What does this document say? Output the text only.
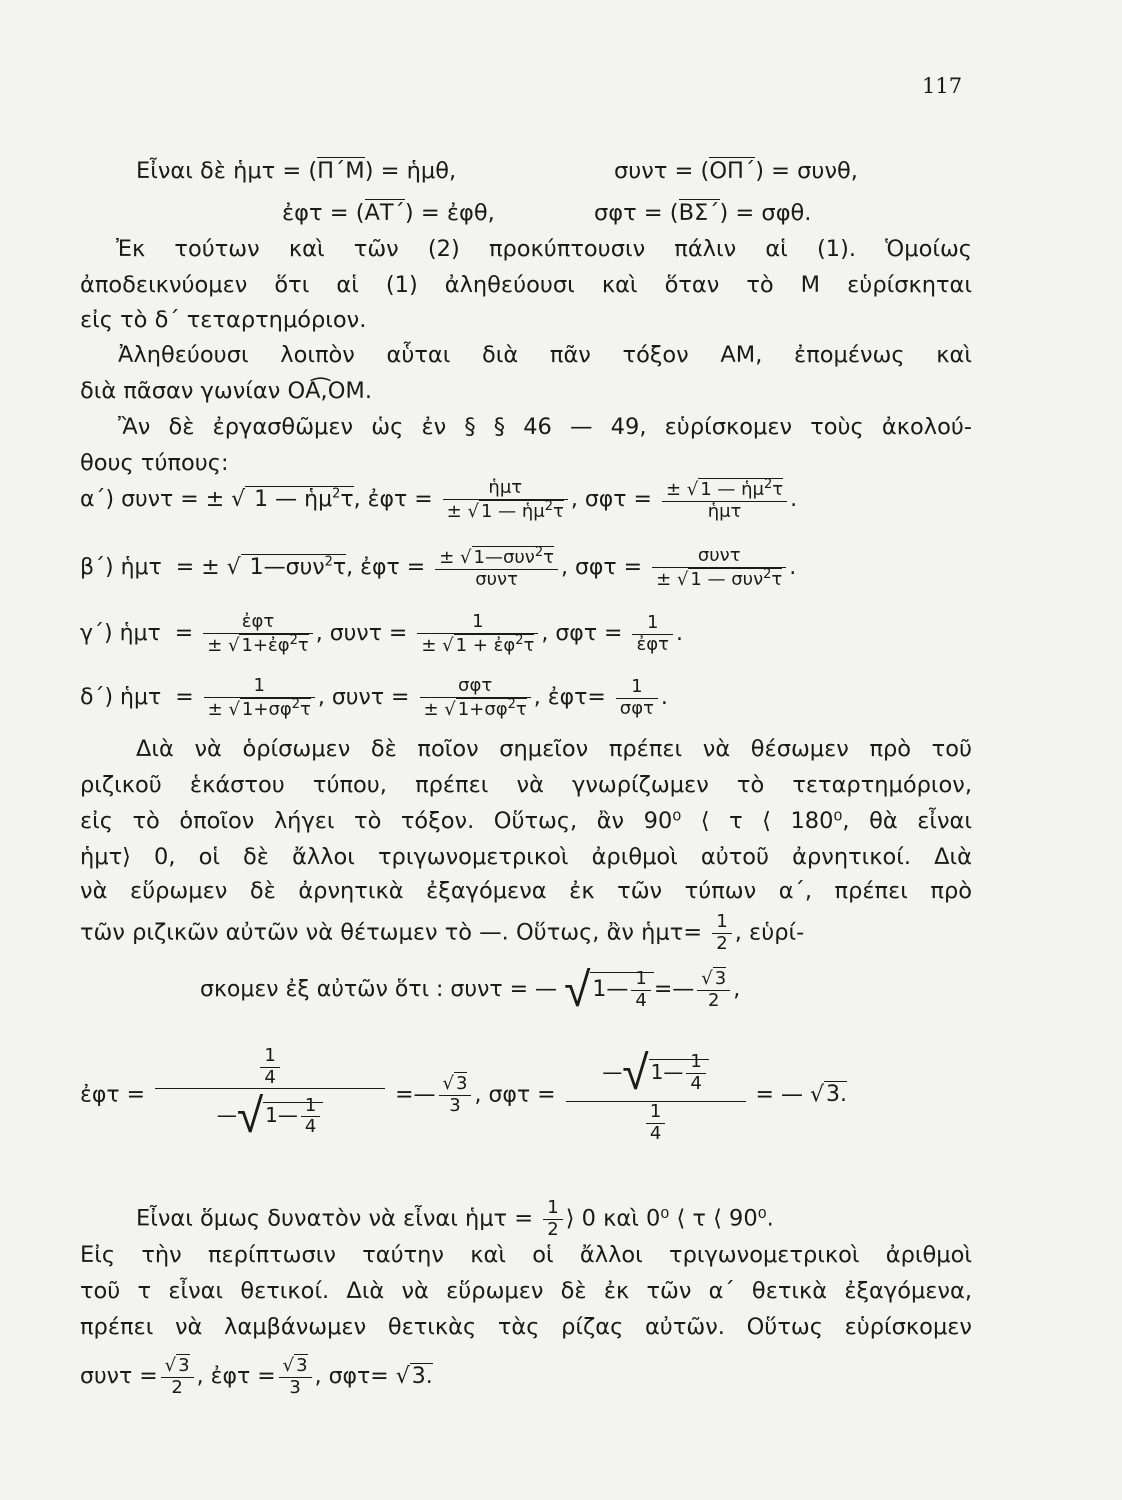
117
Εἶναι δὲ ἡμτ = (Π΄Μ) = ἡμθ,	συντ = (ΟΠ΄) = συνθ,
ἐφτ = (ΑΤ΄) = ἐφθ,	σφτ = (ΒΣ΄) = σφθ.
Ἐκ τούτων καὶ τῶν (2) προκύπτουσιν πάλιν αἱ (1). Ὁμοίως
ἀποδεικνύομεν ὅτι αἱ (1) ἀληθεύουσι καὶ ὅταν τὸ Μ εὑρίσκηται
εἰς τὸ δ΄ τεταρτημόριον.
Ἀληθεύουσι λοιπὸν αὗται διὰ πᾶν τόξον ΑΜ, ἐπομένως καὶ
διὰ πᾶσαν γωνίαν ΟΑ͡,ΟΜ.
Ἂν δὲ ἐργασθῶμεν ὡς ἐν § § 46 — 49, εὑρίσκομεν τοὺς ἀκολού-
θους τύπους:
α΄) συντ = ± √ 1 — ἡμ$^2$τ, ἐφτ = $\frac{\text{ἡμτ}}{\pm √ 1 — ἡ\mu^2\tau}$ , $\sigma\varphi\tau = \frac{\pm √ 1 — ἡ\mu^2\tau}{\text{ἡμτ}}$ .
β΄) ἡμτ  = ± √ 1—συν$^2$τ, ἐφτ = $\frac{\pm √ 1—\sigma\upsilon\nu^2\tau}{\text{συντ}}$ , $\sigma\varphi\tau = \frac{\text{συντ}}{\pm √ 1 — \sigma\upsilon\nu^2\tau}$ .
γ΄) ἡμτ  = $\frac{\text{ἐφτ}}{\pm √ 1+ἐ\varphi^2\tau}$ , $\sigma\upsilon\nu\tau = \frac{1}{\pm √ 1 + ἐ\varphi^2\tau}$ , $\sigma\varphi\tau = \frac{1}{\text{ἐφτ}}$ .
δ΄) ἡμτ  = $\frac{1}{\pm √ 1+\sigma\varphi^2\tau}$ , $\sigma\upsilon\nu\tau = \frac{\text{σφτ}}{\pm √ 1+\sigma\varphi^2\tau}$ , ἐφτ= $\frac{1}{\text{σφτ}}$ .
Διὰ νὰ ὁρίσωμεν δὲ ποῖον σημεῖον πρέπει νὰ θέσωμεν πρὸ τοῦ
ριζικοῦ ἑκάστου τύπου, πρέπει νὰ γνωρίζωμεν τὸ τεταρτημόριον,
εἰς τὸ ὁποῖον λήγει τὸ τόξον. Οὕτως, ἂν 90⁰ ⟨ τ ⟨ 180⁰, θὰ εἶναι
ἡμτ⟩ 0, οἱ δὲ ἄλλοι τριγωνομετρικοὶ ἀριθμοὶ αὐτοῦ ἀρνητικοί. Διὰ
νὰ εὕρωμεν δὲ ἀρνητικὰ ἐξαγόμενα ἐκ τῶν τύπων α΄, πρέπει πρὸ
τῶν ριζικῶν αὐτῶν νὰ θέτωμεν τὸ —. Οὕτως, ἂν ἡμτ= $\frac{1}{2}$ , εὑρί-
σκομεν ἐξ αὐτῶν ὅτι : συντ = — √1— $\frac{1}{4}$ =— $\frac{√ 3}{2}$ ,
ἐφτ = $\frac{\frac{1}{4}}{—√ 1— \frac{1}{4}}$ =— $\frac{√ 3}{3}$ , $\sigma\varphi\tau = \frac{—√ 1— \frac{1}{4}}{\frac{1}{4}}$ = — √3.
Εἶναι ὅμως δυνατὸν νὰ εἶναι ἡμτ = $\frac{1}{2}$ ⟩ 0 καὶ 0⁰ ⟨ τ ⟨ 90⁰.
Εἰς τὴν περίπτωσιν ταύτην καὶ οἱ ἄλλοι τριγωνομετρικοὶ ἀριθμοὶ
τοῦ τ εἶναι θετικοί. Διὰ νὰ εὕρωμεν δὲ ἐκ τῶν α΄ θετικὰ ἐξαγόμενα,
πρέπει νὰ λαμβάνωμεν θετικὰς τὰς ρίζας αὐτῶν. Οὕτως εὑρίσκομεν
$\sigma\upsilon\nu\tau = \frac{√ 3}{2}$ , ἐφτ = $\frac{√ 3}{3}$ , σφτ= √3.
